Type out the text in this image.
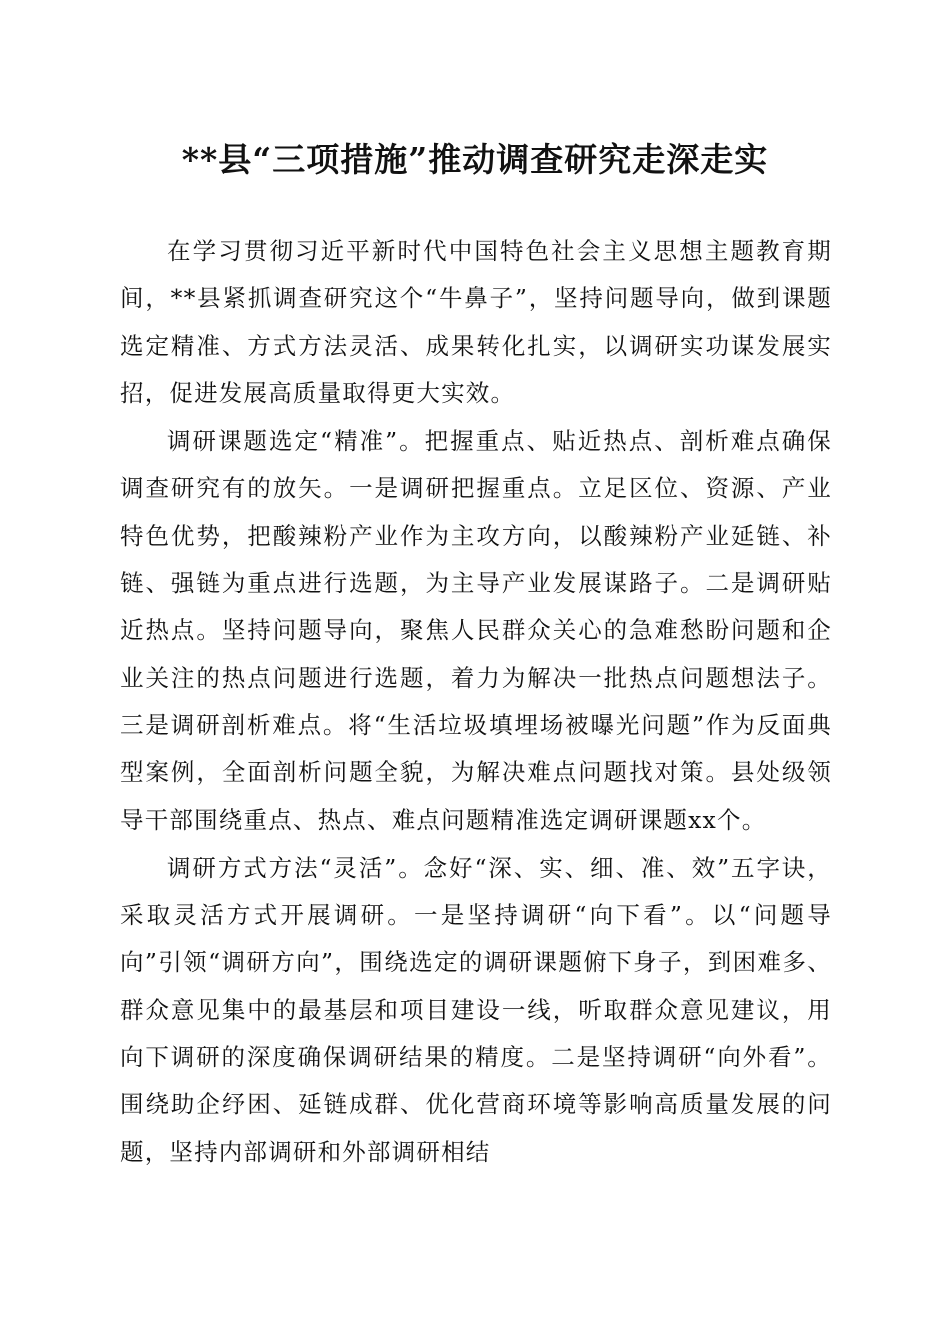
**县“三项措施”推动调查研究走深走实

在学习贯彻习近平新时代中国特色社会主义思想主题教育期间，**县紧抓调查研究这个“牛鼻子”，坚持问题导向，做到课题选定精准、方式方法灵活、成果转化扎实，以调研实功谋发展实招，促进发展高质量取得更大实效。

调研课题选定“精准”。把握重点、贴近热点、剖析难点确保调查研究有的放矢。一是调研把握重点。立足区位、资源、产业特色优势，把酸辣粉产业作为主攻方向，以酸辣粉产业延链、补链、强链为重点进行选题，为主导产业发展谋路子。二是调研贴近热点。坚持问题导向，聚焦人民群众关心的急难愁盼问题和企业关注的热点问题进行选题，着力为解决一批热点问题想法子。三是调研剖析难点。将“生活垃圾填埋场被曝光问题”作为反面典型案例，全面剖析问题全貌，为解决难点问题找对策。县处级领导干部围绕重点、热点、难点问题精准选定调研课题xx个。

调研方式方法“灵活”。念好“深、实、细、准、效”五字诀，采取灵活方式开展调研。一是坚持调研“向下看”。以“问题导向”引领“调研方向”，围绕选定的调研课题俯下身子，到困难多、群众意见集中的最基层和项目建设一线，听取群众意见建议，用向下调研的深度确保调研结果的精度。二是坚持调研“向外看”。围绕助企纾困、延链成群、优化营商环境等影响高质量发展的问题，坚持内部调研和外部调研相结
